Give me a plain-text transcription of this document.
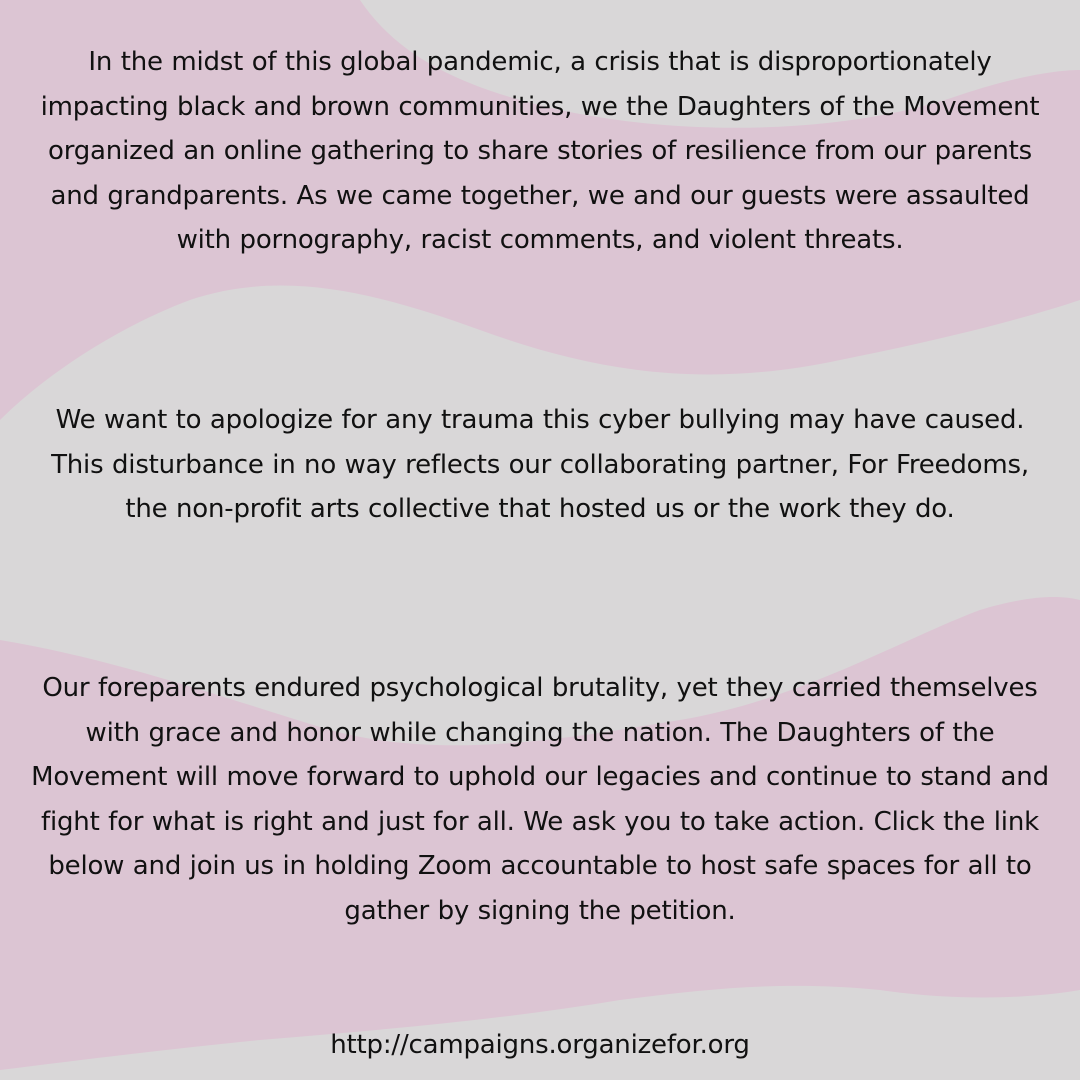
In the midst of this global pandemic, a crisis that is disproportionately impacting black and brown communities, we the Daughters of the Movement organized an online gathering to share stories of resilience from our parents and grandparents. As we came together, we and our guests were assaulted with pornography, racist comments, and violent threats.

We want to apologize for any trauma this cyber bullying may have caused. This disturbance in no way reflects our collaborating partner, For Freedoms, the non-profit arts collective that hosted us or the work they do.

Our foreparents endured psychological brutality, yet they carried themselves with grace and honor while changing the nation. The Daughters of the Movement will move forward to uphold our legacies and continue to stand and fight for what is right and just for all. We ask you to take action. Click the link below and join us in holding Zoom accountable to host safe spaces for all to gather by signing the petition.

http://campaigns.organizefor.org
